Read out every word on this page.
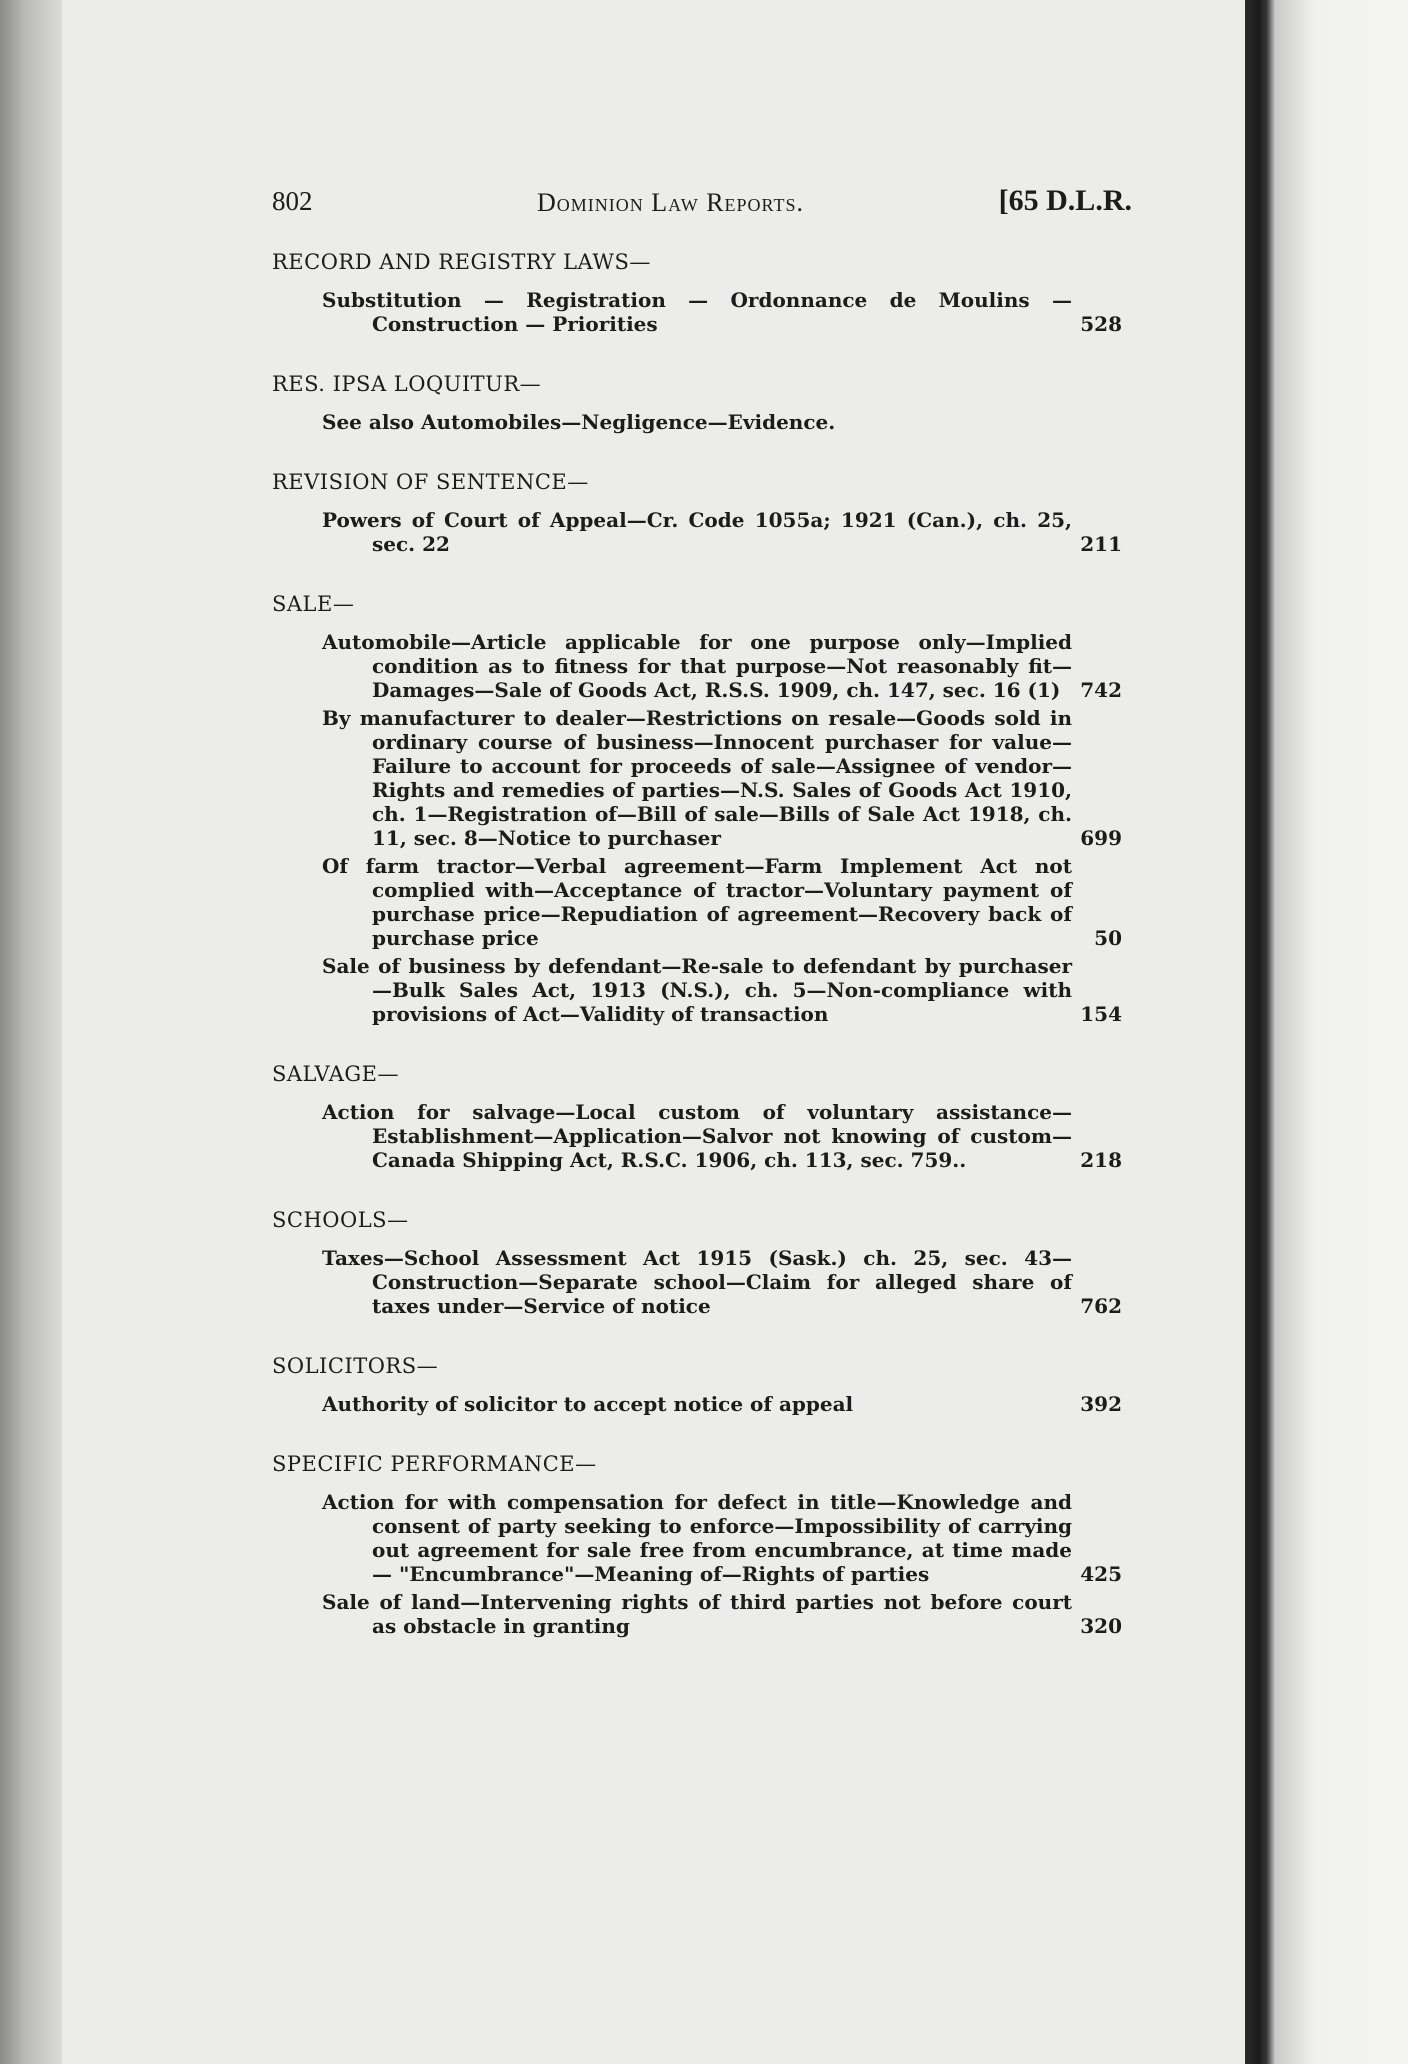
802	Dominion Law Reports.	[65 D.L.R.
RECORD AND REGISTRY LAWS—
Substitution — Registration — Ordonnance de Moulins — Construction — Priorities	528
RES. IPSA LOQUITUR—
See also Automobiles—Negligence—Evidence.
REVISION OF SENTENCE—
Powers of Court of Appeal—Cr. Code 1055a; 1921 (Can.), ch. 25, sec. 22	211
SALE—
Automobile—Article applicable for one purpose only—Implied condition as to fitness for that purpose—Not reasonably fit—Damages—Sale of Goods Act, R.S.S. 1909, ch. 147, sec. 16 (1) 742
By manufacturer to dealer—Restrictions on resale—Goods sold in ordinary course of business—Innocent purchaser for value—Failure to account for proceeds of sale—Assignee of vendor—Rights and remedies of parties—N.S. Sales of Goods Act 1910, ch. 1—Registration of—Bill of sale—Bills of Sale Act 1918, ch. 11, sec. 8—Notice to purchaser	699
Of farm tractor—Verbal agreement—Farm Implement Act not complied with—Acceptance of tractor—Voluntary payment of purchase price—Repudiation of agreement—Recovery back of purchase price	50
Sale of business by defendant—Re-sale to defendant by purchaser—Bulk Sales Act, 1913 (N.S.), ch. 5—Non-compliance with provisions of Act—Validity of transaction	154
SALVAGE—
Action for salvage—Local custom of voluntary assistance—Establishment—Application—Salvor not knowing of custom—Canada Shipping Act, R.S.C. 1906, ch. 113, sec. 759..	218
SCHOOLS—
Taxes—School Assessment Act 1915 (Sask.) ch. 25, sec. 43—Construction—Separate school—Claim for alleged share of taxes under—Service of notice	762
SOLICITORS—
Authority of solicitor to accept notice of appeal	392
SPECIFIC PERFORMANCE—
Action for with compensation for defect in title—Knowledge and consent of party seeking to enforce—Impossibility of carrying out agreement for sale free from encumbrance, at time made — "Encumbrance"—Meaning of—Rights of parties	425
Sale of land—Intervening rights of third parties not before court as obstacle in granting	320
